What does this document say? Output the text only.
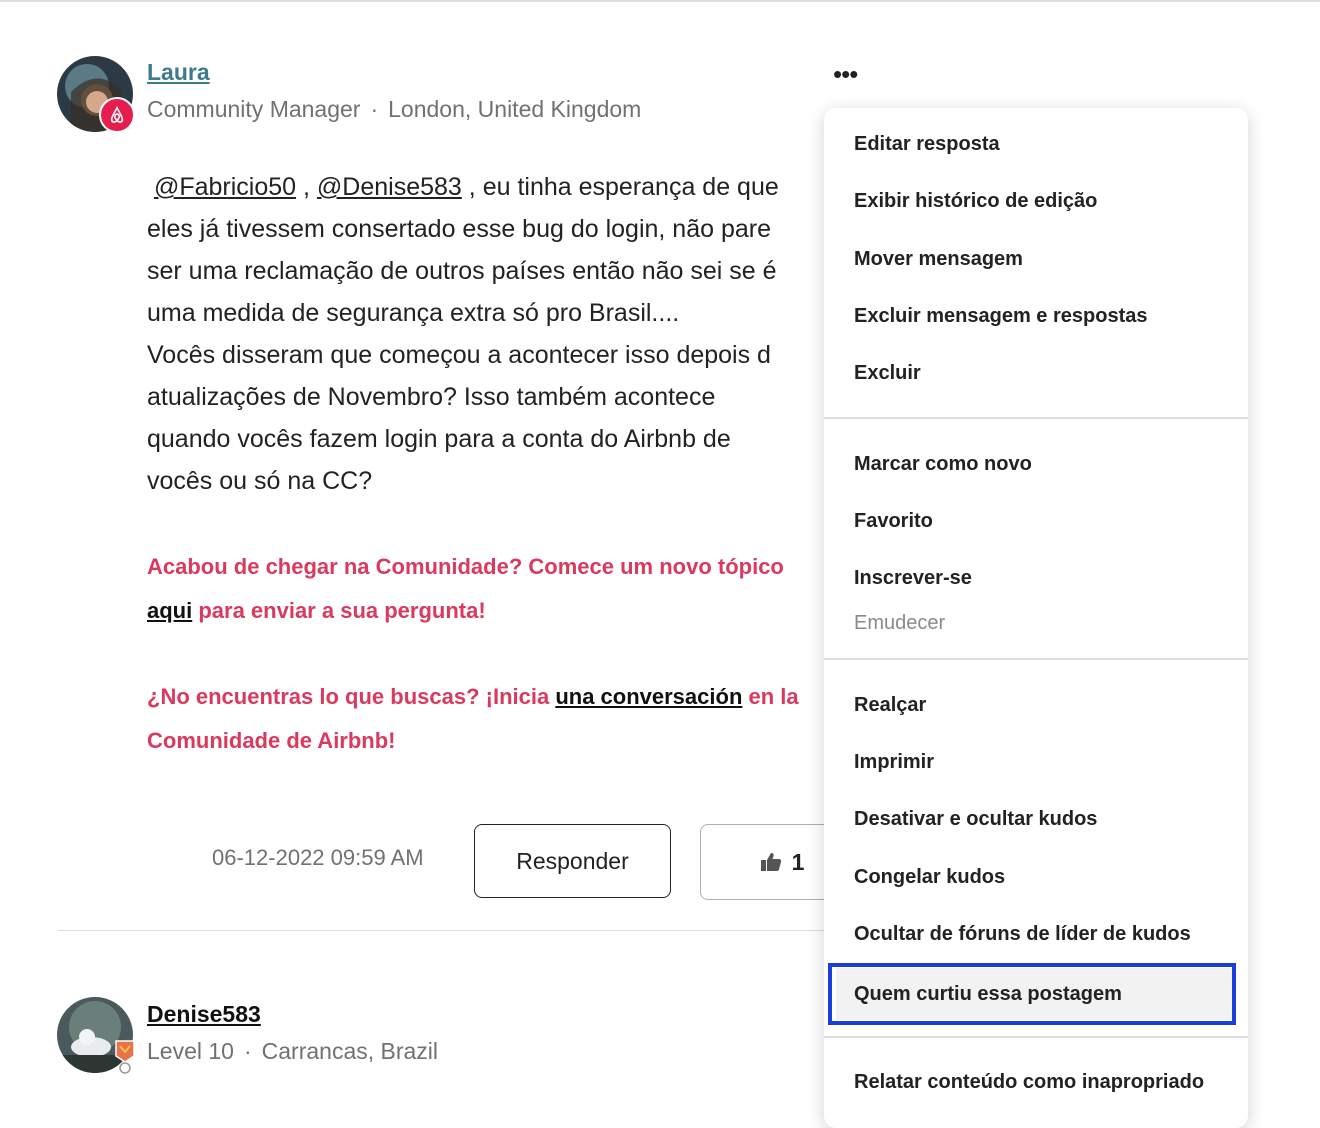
Laura
Community Manager · London, United Kingdom
•••

@Fabricio50 , @Denise583 , eu tinha esperança de que

eles já tivessem consertado esse bug do login, não pare

ser uma reclamação de outros países então não sei se é

uma medida de segurança extra só pro Brasil....

Vocês disseram que começou a acontecer isso depois d

atualizações de Novembro? Isso também acontece

quando vocês fazem login para a conta do Airbnb de

vocês ou só na CC?

Acabou de chegar na Comunidade? Comece um novo tópico

aqui para enviar a sua pergunta!

¿No encuentras lo que buscas? ¡Inicia una conversación en la

Comunidade de Airbnb!

06-12-2022 09:59 AM	Responder	1
Denise583
Level 10 · Carrancas, Brazil
Editar resposta
Exibir histórico de edição
Mover mensagem
Excluir mensagem e respostas
Excluir
Marcar como novo
Favorito
Inscrever-se
Emudecer
Realçar
Imprimir
Desativar e ocultar kudos
Congelar kudos
Ocultar de fóruns de líder de kudos
Quem curtiu essa postagem
Relatar conteúdo como inapropriado
